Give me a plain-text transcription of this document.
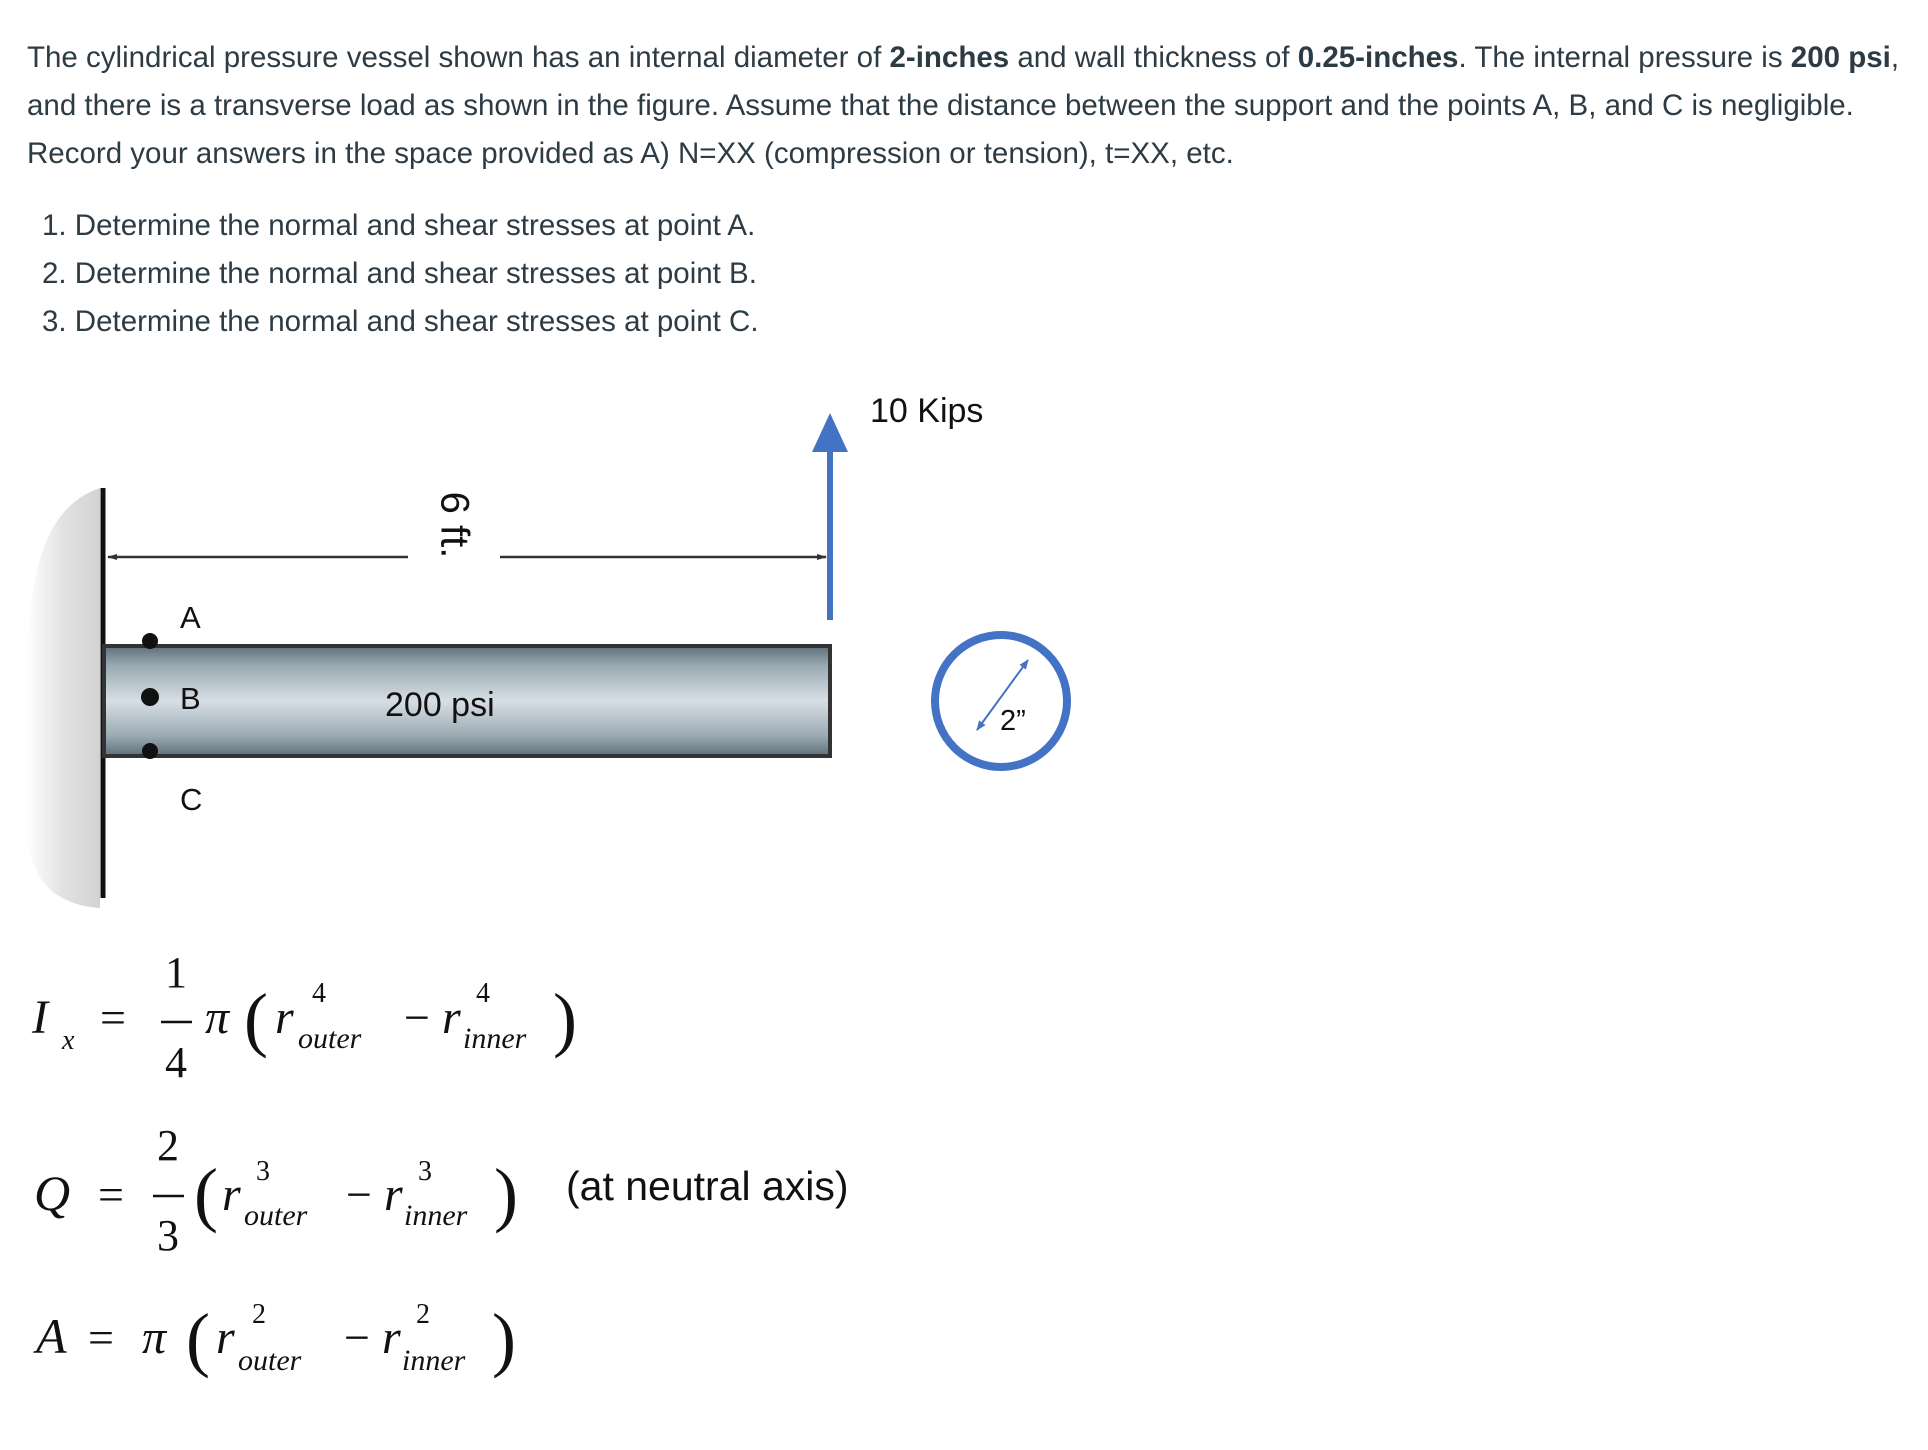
The cylindrical pressure vessel shown has an internal diameter of 2-inches and wall thickness of 0.25-inches. The internal pressure is 200 psi, and there is a transverse load as shown in the figure. Assume that the distance between the support and the points A, B, and C is negligible. Record your answers in the space provided as A) N=XX (compression or tension), t=XX, etc.

1. Determine the normal and shear stresses at point A.
2. Determine the normal and shear stresses at point B.
3. Determine the normal and shear stresses at point C.
6 ft.
10 Kips
200 psi
A
B
C
2”
I x =
1
4
π ( r 4
outer − r 4
inner )
Q =
2
3
( r 3
outer − r 3
inner ) (at neutral axis)
A = π ( r 2
outer − r 2
inner )
